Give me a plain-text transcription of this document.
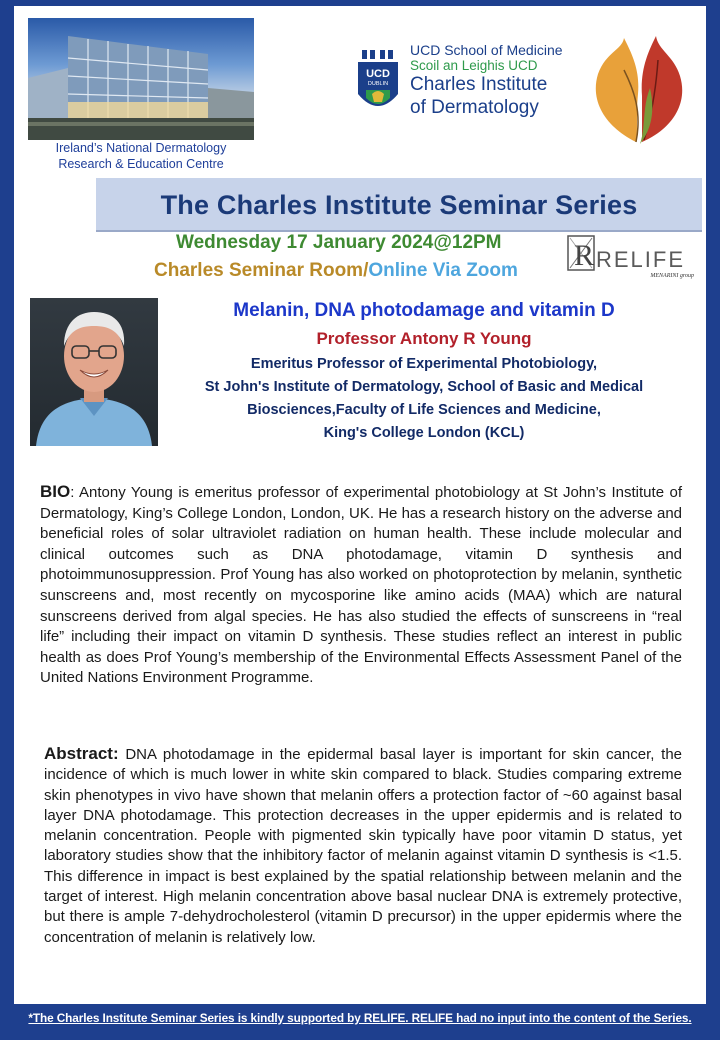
Ireland’s National Dermatology
Research & Education Centre
UCD
DUBLIN
UCD School of Medicine
Scoil an Leighis UCD
Charles Institute
of Dermatology
The Charles Institute Seminar Series
Wednesday 17 January 2024@12PM
Charles Seminar Room/Online Via Zoom R RELIFE
MENARINI group
Melanin, DNA photodamage and vitamin D
Professor Antony R Young
Emeritus Professor of Experimental Photobiology,
St John's Institute of Dermatology, School of Basic and Medical
Biosciences,Faculty of Life Sciences and Medicine,
King's College London (KCL)
BIO: Antony Young is emeritus professor of experimental photobiology at St John’s Institute of Dermatology, King’s College London, London, UK. He has a research history on the adverse and beneficial roles of solar ultraviolet radiation on human health. These include molecular and clinical outcomes such as DNA photodamage, vitamin D synthesis and photoimmunosuppression. Prof Young has also worked on photoprotection by melanin, synthetic sunscreens and, most recently on mycosporine like amino acids (MAA) which are natural sunscreens derived from algal species. He has also studied the effects of sunscreens in “real life” including their impact on vitamin D synthesis. These studies reflect an interest in public health as does Prof Young’s membership of the Environmental Effects Assessment Panel of the United Nations Environment Programme.
Abstract: DNA photodamage in the epidermal basal layer is important for skin cancer, the incidence of which is much lower in white skin compared to black. Studies comparing extreme skin phenotypes in vivo have shown that melanin offers a protection factor of ~60 against basal layer DNA photodamage. This protection decreases in the upper epidermis and is related to melanin concentration. People with pigmented skin typically have poor vitamin D status, yet laboratory studies show that the inhibitory factor of melanin against vitamin D synthesis is <1.5. This difference in impact is best explained by the spatial relationship between melanin and the target of interest. High melanin concentration above basal nuclear DNA is extremely protective, but there is ample 7-dehydrocholesterol (vitamin D precursor) in the upper epidermis where the concentration of melanin is relatively low.
*The Charles Institute Seminar Series is kindly supported by RELIFE. RELIFE had no input into the content of the Series.
